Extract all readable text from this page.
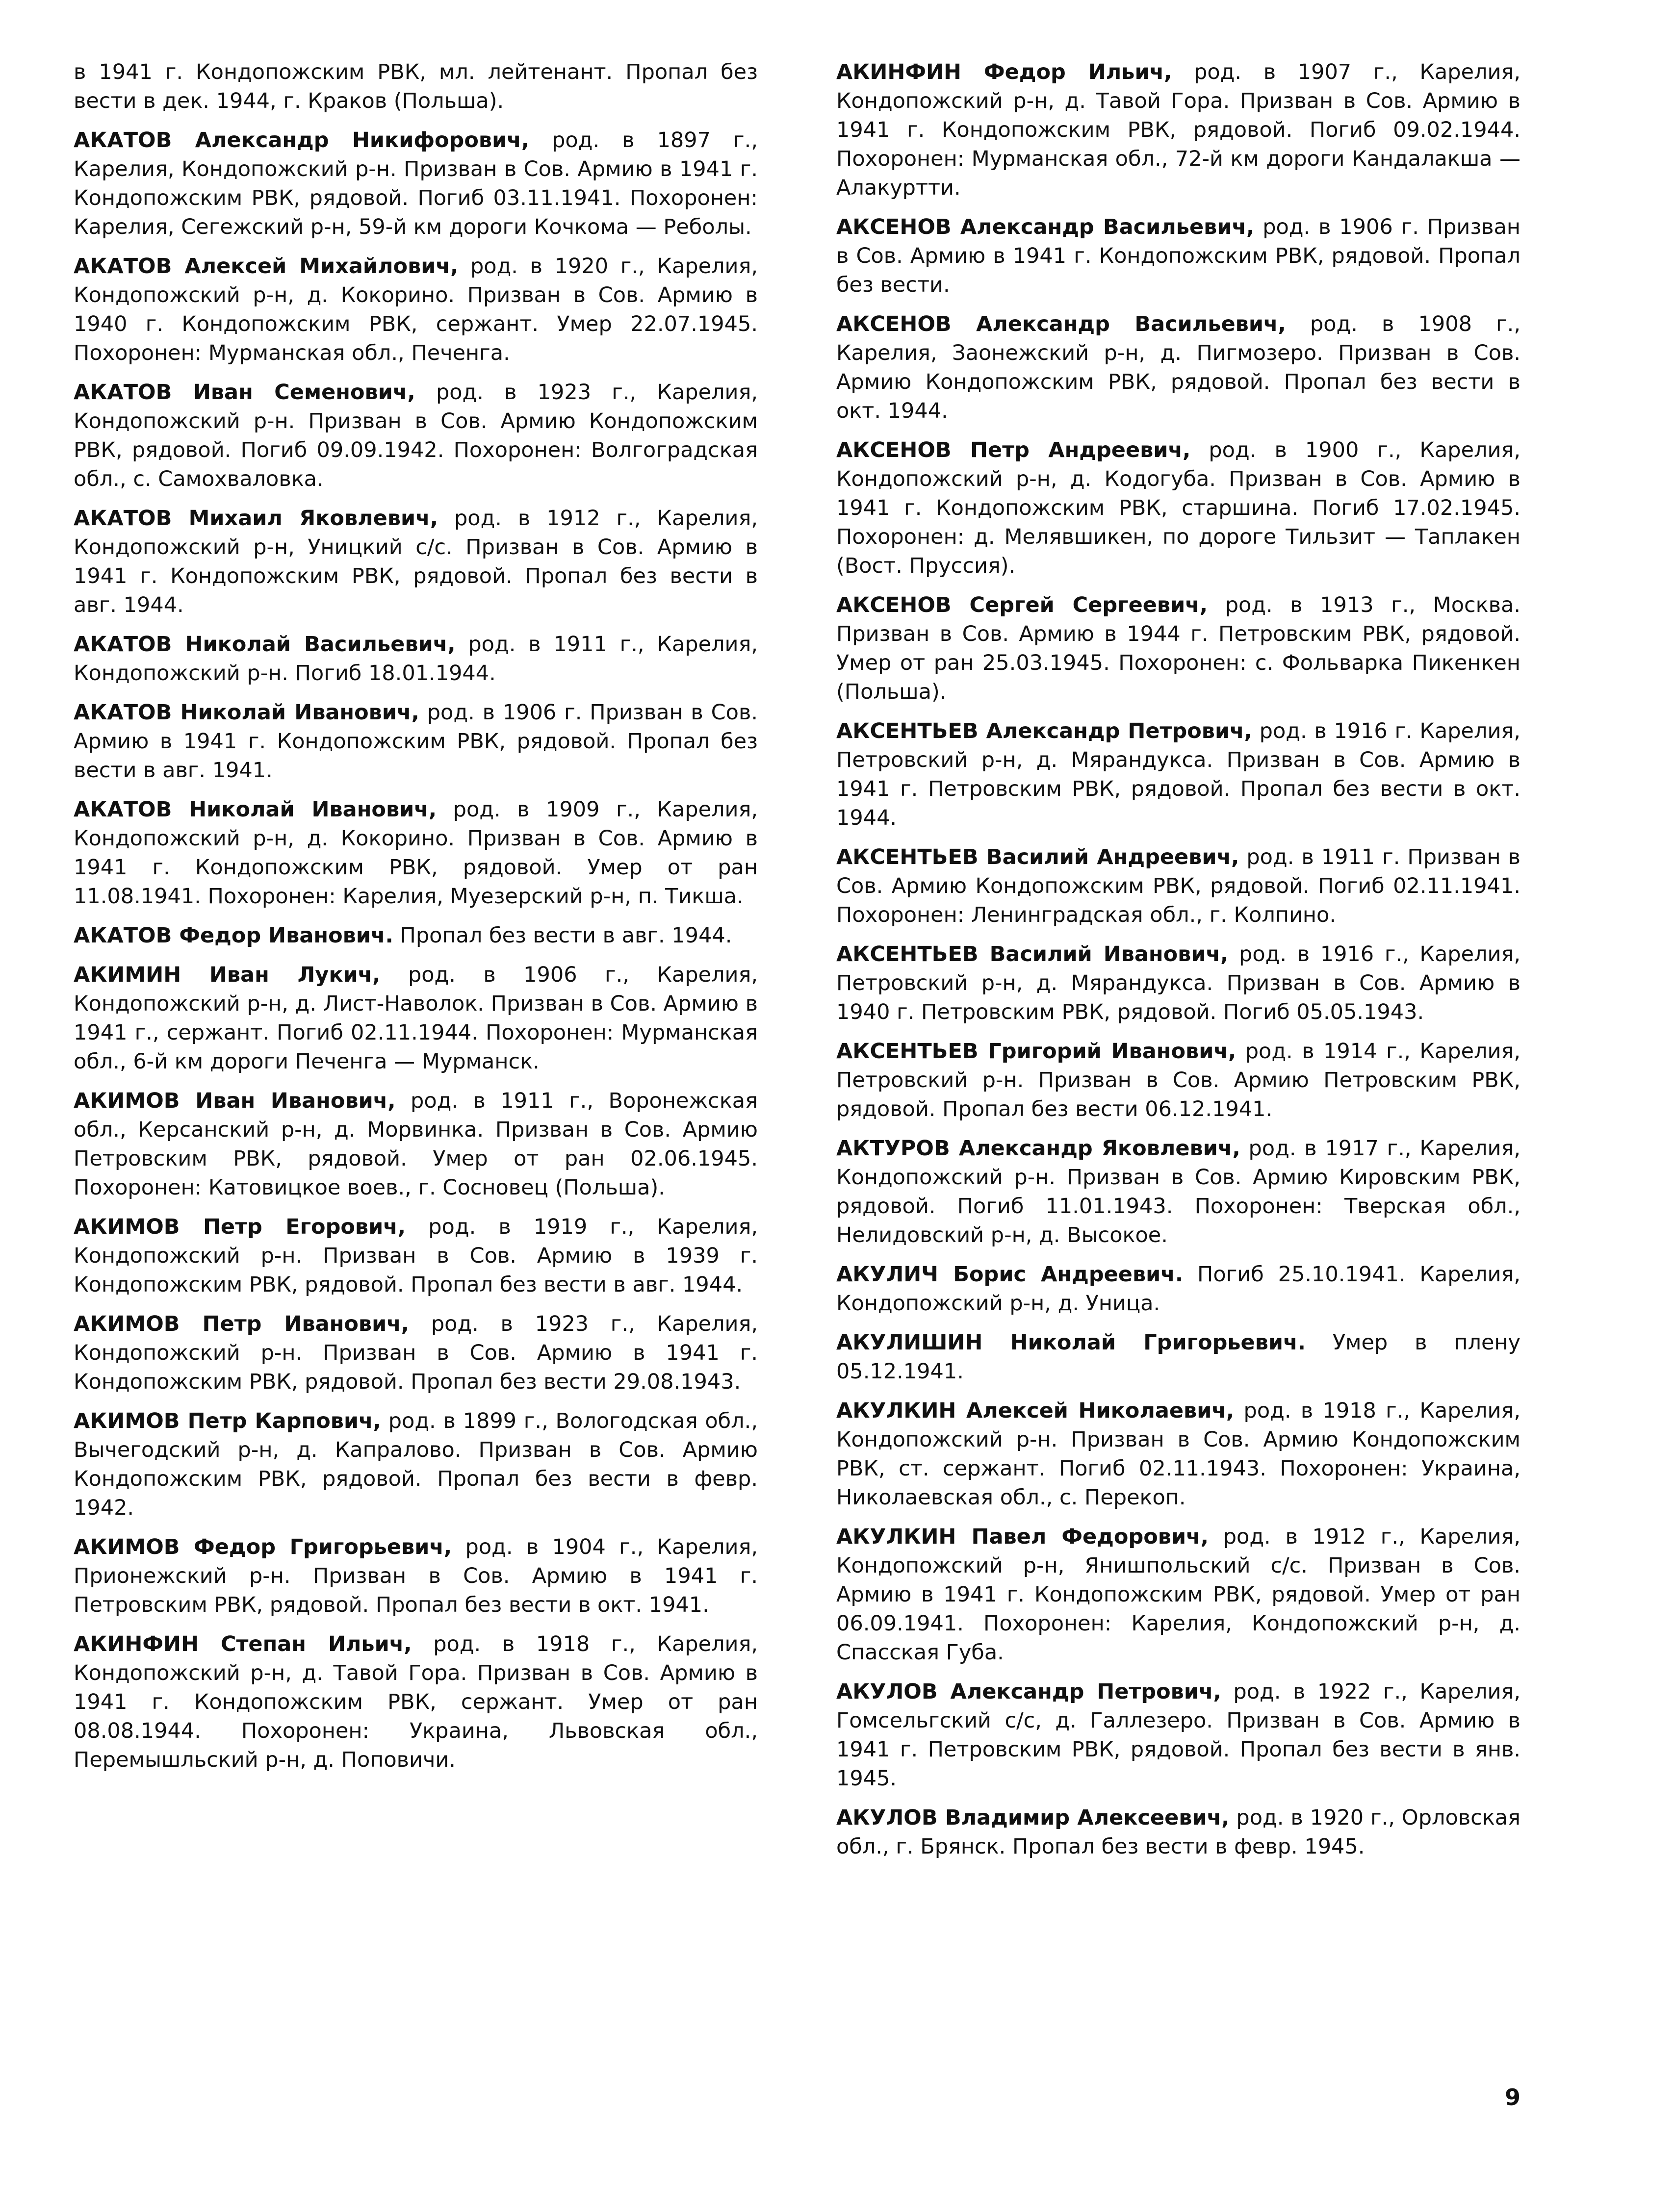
в 1941 г. Кондопожским РВК, мл. лейтенант. Пропал без вести в дек. 1944, г. Краков (Польша).

АКАТОВ Александр Никифорович, род. в 1897 г., Карелия, Кондопожский р-н. Призван в Сов. Армию в 1941 г. Кондопожским РВК, рядовой. Погиб 03.11.1941. Похоронен: Карелия, Сегежский р-н, 59-й км дороги Кочкома — Реболы.

АКАТОВ Алексей Михайлович, род. в 1920 г., Карелия, Кондопожский р-н, д. Кокорино. Призван в Сов. Армию в 1940 г. Кондопожским РВК, сержант. Умер 22.07.1945. Похоронен: Мурманская обл., Печенга.

АКАТОВ Иван Семенович, род. в 1923 г., Карелия, Кондопожский р-н. Призван в Сов. Армию Кондопожским РВК, рядовой. Погиб 09.09.1942. Похоронен: Волгоградская обл., с. Самохваловка.

АКАТОВ Михаил Яковлевич, род. в 1912 г., Карелия, Кондопожский р-н, Уницкий с/с. Призван в Сов. Армию в 1941 г. Кондопожским РВК, рядовой. Пропал без вести в авг. 1944.

АКАТОВ Николай Васильевич, род. в 1911 г., Карелия, Кондопожский р-н. Погиб 18.01.1944.

АКАТОВ Николай Иванович, род. в 1906 г. Призван в Сов. Армию в 1941 г. Кондопожским РВК, рядовой. Пропал без вести в авг. 1941.

АКАТОВ Николай Иванович, род. в 1909 г., Карелия, Кондопожский р-н, д. Кокорино. Призван в Сов. Армию в 1941 г. Кондопожским РВК, рядовой. Умер от ран 11.08.1941. Похоронен: Карелия, Муезерский р-н, п. Тикша.

АКАТОВ Федор Иванович. Пропал без вести в авг. 1944.

АКИМИН Иван Лукич, род. в 1906 г., Карелия, Кондопожский р-н, д. Лист-Наволок. Призван в Сов. Армию в 1941 г., сержант. Погиб 02.11.1944. Похоронен: Мурманская обл., 6-й км дороги Печенга — Мурманск.

АКИМОВ Иван Иванович, род. в 1911 г., Воронежская обл., Керсанский р-н, д. Морвинка. Призван в Сов. Армию Петровским РВК, рядовой. Умер от ран 02.06.1945. Похоронен: Катовицкое воев., г. Сосновец (Польша).

АКИМОВ Петр Егорович, род. в 1919 г., Карелия, Кондопожский р-н. Призван в Сов. Армию в 1939 г. Кондопожским РВК, рядовой. Пропал без вести в авг. 1944.

АКИМОВ Петр Иванович, род. в 1923 г., Карелия, Кондопожский р-н. Призван в Сов. Армию в 1941 г. Кондопожским РВК, рядовой. Пропал без вести 29.08.1943.

АКИМОВ Петр Карпович, род. в 1899 г., Вологодская обл., Вычегодский р-н, д. Капралово. Призван в Сов. Армию Кондопожским РВК, рядовой. Пропал без вести в февр. 1942.

АКИМОВ Федор Григорьевич, род. в 1904 г., Карелия, Прионежский р-н. Призван в Сов. Армию в 1941 г. Петровским РВК, рядовой. Пропал без вести в окт. 1941.

АКИНФИН Степан Ильич, род. в 1918 г., Карелия, Кондопожский р-н, д. Тавой Гора. Призван в Сов. Армию в 1941 г. Кондопожским РВК, сержант. Умер от ран 08.08.1944. Похоронен: Украина, Львовская обл., Перемышльский р-н, д. Поповичи.

АКИНФИН Федор Ильич, род. в 1907 г., Карелия, Кондопожский р-н, д. Тавой Гора. Призван в Сов. Армию в 1941 г. Кондопожским РВК, рядовой. Погиб 09.02.1944. Похоронен: Мурманская обл., 72-й км дороги Кандалакша — Алакуртти.

АКСЕНОВ Александр Васильевич, род. в 1906 г. Призван в Сов. Армию в 1941 г. Кондопожским РВК, рядовой. Пропал без вести.

АКСЕНОВ Александр Васильевич, род. в 1908 г., Карелия, Заонежский р-н, д. Пигмозеро. Призван в Сов. Армию Кондопожским РВК, рядовой. Пропал без вести в окт. 1944.

АКСЕНОВ Петр Андреевич, род. в 1900 г., Карелия, Кондопожский р-н, д. Кодогуба. Призван в Сов. Армию в 1941 г. Кондопожским РВК, старшина. Погиб 17.02.1945. Похоронен: д. Мелявшикен, по дороге Тильзит — Таплакен (Вост. Пруссия).

АКСЕНОВ Сергей Сергеевич, род. в 1913 г., Москва. Призван в Сов. Армию в 1944 г. Петровским РВК, рядовой. Умер от ран 25.03.1945. Похоронен: с. Фольварка Пикенкен (Польша).

АКСЕНТЬЕВ Александр Петрович, род. в 1916 г. Карелия, Петровский р-н, д. Мярандукса. Призван в Сов. Армию в 1941 г. Петровским РВК, рядовой. Пропал без вести в окт. 1944.

АКСЕНТЬЕВ Василий Андреевич, род. в 1911 г. Призван в Сов. Армию Кондопожским РВК, рядовой. Погиб 02.11.1941. Похоронен: Ленинградская обл., г. Колпино.

АКСЕНТЬЕВ Василий Иванович, род. в 1916 г., Карелия, Петровский р-н, д. Мярандукса. Призван в Сов. Армию в 1940 г. Петровским РВК, рядовой. Погиб 05.05.1943.

АКСЕНТЬЕВ Григорий Иванович, род. в 1914 г., Карелия, Петровский р-н. Призван в Сов. Армию Петровским РВК, рядовой. Пропал без вести 06.12.1941.

АКТУРОВ Александр Яковлевич, род. в 1917 г., Карелия, Кондопожский р-н. Призван в Сов. Армию Кировским РВК, рядовой. Погиб 11.01.1943. Похоронен: Тверская обл., Нелидовский р-н, д. Высокое.

АКУЛИЧ Борис Андреевич. Погиб 25.10.1941. Карелия, Кондопожский р-н, д. Уница.

АКУЛИШИН Николай Григорьевич. Умер в плену 05.12.1941.

АКУЛКИН Алексей Николаевич, род. в 1918 г., Карелия, Кондопожский р-н. Призван в Сов. Армию Кондопожским РВК, ст. сержант. Погиб 02.11.1943. Похоронен: Украина, Николаевская обл., с. Перекоп.

АКУЛКИН Павел Федорович, род. в 1912 г., Карелия, Кондопожский р-н, Янишпольский с/с. Призван в Сов. Армию в 1941 г. Кондопожским РВК, рядовой. Умер от ран 06.09.1941. Похоронен: Карелия, Кондопожский р-н, д. Спасская Губа.

АКУЛОВ Александр Петрович, род. в 1922 г., Карелия, Гомсельгский с/с, д. Галлезеро. Призван в Сов. Армию в 1941 г. Петровским РВК, рядовой. Пропал без вести в янв. 1945.

АКУЛОВ Владимир Алексеевич, род. в 1920 г., Орловская обл., г. Брянск. Пропал без вести в февр. 1945.

9
